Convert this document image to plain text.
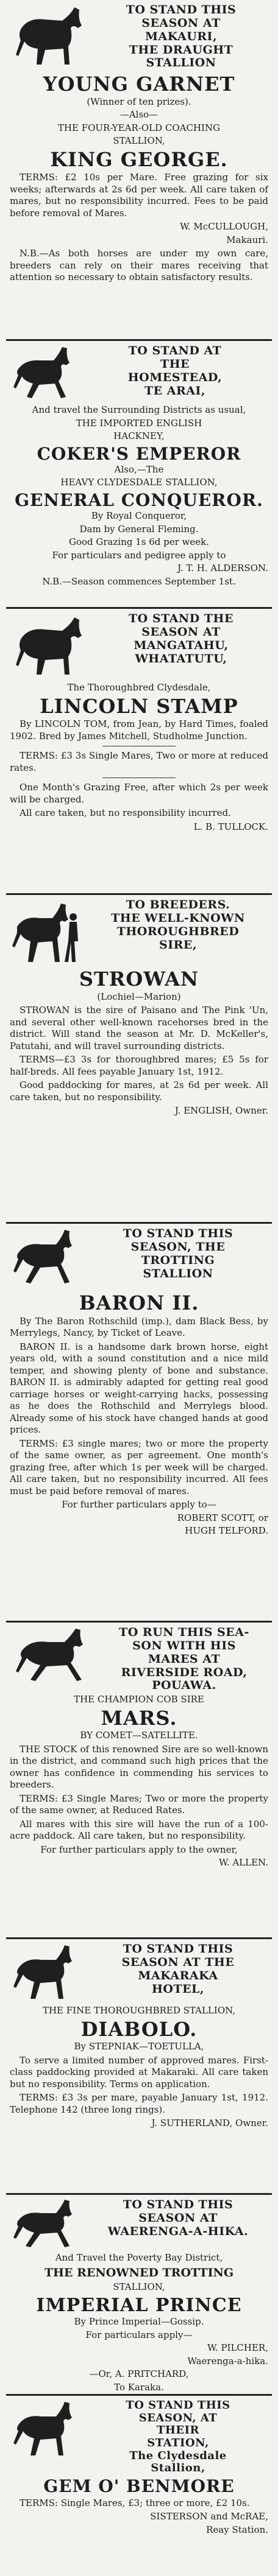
TO STAND THIS
SEASON AT
MAKAURI,
THE DRAUGHT
STALLION
YOUNG GARNET
(Winner of ten prizes).
—Also—
THE FOUR-YEAR-OLD COACHING
STALLION,
KING GEORGE.
TERMS: £2 10s per Mare. Free grazing for six weeks; afterwards at 2s 6d per week. All care taken of mares, but no responsibility incurred. Fees to be paid before removal of Mares.
W. McCULLOUGH,
Makauri.
N.B.—As both horses are under my own care, breeders can rely on their mares receiving that attention so necessary to obtain satisfactory results.
TO STAND AT
THE
HOMESTEAD,
TE ARAI,
And travel the Surrounding Districts as usual,
THE IMPORTED ENGLISH
HACKNEY,
COKER'S EMPEROR
Also,—The
HEAVY CLYDESDALE STALLION,
GENERAL CONQUEROR.
By Royal Conqueror,
Dam by General Fleming.
Good Grazing 1s 6d per week.
For particulars and pedigree apply to
J. T. H. ALDERSON.
N.B.—Season commences September 1st.
TO STAND THE
SEASON AT
MANGATAHU,
WHATATUTU,
The Thoroughbred Clydesdale,
LINCOLN STAMP
By LINCOLN TOM, from Jean, by Hard Times, foaled 1902. Bred by James Mitchell, Studholme Junction.
TERMS: £3 3s Single Mares, Two or more at reduced rates.
One Month's Grazing Free, after which 2s per week will be charged.
All care taken, but no responsibility incurred.
L. B. TULLOCK.
TO BREEDERS.
THE WELL-KNOWN
THOROUGHBRED
SIRE,
STROWAN
(Lochiel—Marion)
STROWAN is the sire of Paisano and The Pink 'Un, and several other well-known racehorses bred in the district. Will stand the season at Mr. D. McKeller's, Patutahi, and will travel surrounding districts.
TERMS—£3 3s for thoroughbred mares; £5 5s for half-breds. All fees payable January 1st, 1912.
Good paddocking for mares, at 2s 6d per week. All care taken, but no responsibility.
J. ENGLISH, Owner.
TO STAND THIS
SEASON, THE
TROTTING
STALLION
BARON II.
By The Baron Rothschild (imp.), dam Black Bess, by Merrylegs, Nancy, by Ticket of Leave.
BARON II. is a handsome dark brown horse, eight years old, with a sound constitution and a nice mild temper, and showing plenty of bone and substance. BARON II. is admirably adapted for getting real good carriage horses or weight-carrying hacks, possessing as he does the Rothschild and Merrylegs blood. Already some of his stock have changed hands at good prices.
TERMS: £3 single mares; two or more the property of the same owner, as per agreement. One month's grazing free, after which 1s per week will be charged. All care taken, but no responsibility incurred. All fees must be paid before removal of mares.
For further particulars apply to—
ROBERT SCOTT, or
HUGH TELFORD.
TO RUN THIS SEA-
SON WITH HIS
MARES AT
RIVERSIDE ROAD,
POUAWA.
THE CHAMPION COB SIRE
MARS.
BY COMET—SATELLITE.
THE STOCK of this renowned Sire are so well-known in the district, and command such high prices that the owner has confidence in commending his services to breeders.
TERMS: £3 Single Mares; Two or more the property of the same owner, at Reduced Rates.
All mares with this sire will have the run of a 100-acre paddock. All care taken, but no responsibility.
For further particulars apply to the owner,
W. ALLEN.
TO STAND THIS
SEASON AT THE
MAKARAKA
HOTEL,
THE FINE THOROUGHBRED STALLION,
DIABOLO.
By STEPNIAK—TOETULLA,
To serve a limited number of approved mares. First-class paddocking provided at Makaraki. All care taken but no responsibility. Terms on application.
TERMS: £3 3s per mare, payable January 1st, 1912. Telephone 142 (three long rings).
J. SUTHERLAND, Owner.
TO STAND THIS
SEASON AT
WAERENGA-A-HIKA.
And Travel the Poverty Bay District,
THE RENOWNED TROTTING
STALLION,
IMPERIAL PRINCE
By Prince Imperial—Gossip.
For particulars apply—
W. PILCHER,
Waerenga-a-hika.
—Or, A. PRITCHARD,
To Karaka.
TO STAND THIS
SEASON, AT
THEIR
STATION,
The Clydesdale
Stallion,
GEM O' BENMORE
TERMS: Single Mares, £3; three or more, £2 10s.
SISTERSON and McRAE,
Reay Station.
